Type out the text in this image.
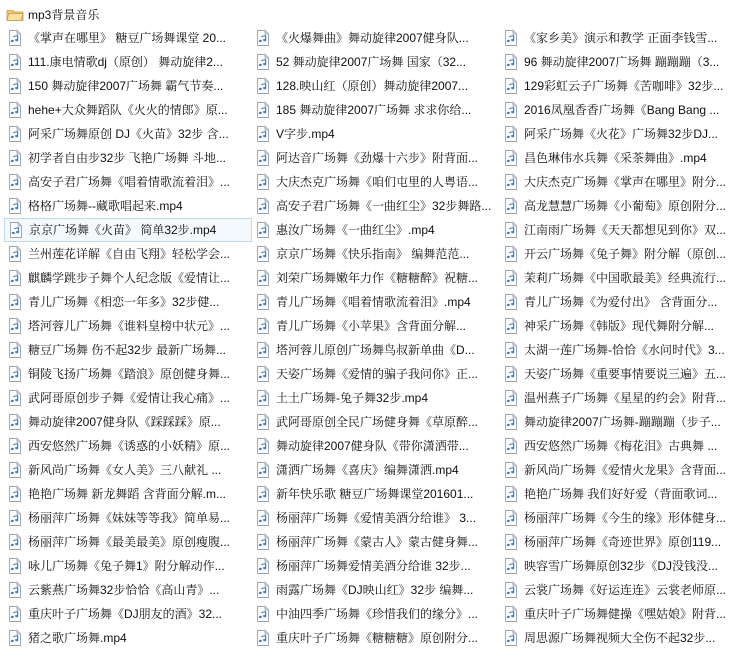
mp3背景音乐
《掌声在哪里》 糖豆广场舞课堂 20...
111.康电情歌dj（原创） 舞动旋律2...
150 舞动旋律2007广场舞 霸气节奏...
hehe+大众舞蹈队《火火的情郎》原...
阿采广场舞原创 DJ《火苗》32步 含...
初学者自由步32步 飞艳广场舞 斗地...
高安子君广场舞《唱着情歌流着泪》...
格格广场舞--藏歌唱起来.mp4
京京广场舞《火苗》 简单32步.mp4
兰州莲花详解《自由飞翔》轻松学会...
麒麟学跳步子舞个人纪念版《爱情让...
青儿广场舞《相恋一年多》32步健...
塔河蓉儿广场舞《谁料皇榜中状元》...
糖豆广场舞 伤不起32步 最新广场舞...
铜陵飞扬广场舞《踏浪》原创健身舞...
武阿哥原创步子舞《爱情让我心痛》...
舞动旋律2007健身队《踩踩踩》原...
西安悠然广场舞《诱惑的小妖精》原...
新风尚广场舞《女人美》三八献礼 ...
艳艳广场舞 新龙舞蹈 含背面分解.m...
杨丽萍广场舞《妹妹等等我》简单易...
杨丽萍广场舞《最美最美》原创瘦腹...
咏儿广场舞《兔子舞1》附分解动作...
云紫燕广场舞32步恰恰《高山青》...
重庆叶子广场舞《DJ朋友的酒》32...
猪之歌广场舞.mp4
《火爆舞曲》舞动旋律2007健身队...
52 舞动旋律2007广场舞 国家（32...
128.映山红（原创）舞动旋律2007...
185 舞动旋律2007广场舞 求求你给...
V字步.mp4
阿达音广场舞《劲爆十六步》附背面...
大庆杰克广场舞《咱们屯里的人粤语...
高安子君广场舞《一曲红尘》32步舞路...
惠汝广场舞《一曲红尘》.mp4
京京广场舞《快乐指南》 编舞范范...
刘荣广场舞嫩年力作《糖糖醉》祝糖...
青儿广场舞《唱着情歌流着泪》.mp4
青儿广场舞《小苹果》含背面分解...
塔河蓉儿原创广场舞鸟叔新单曲《D...
天姿广场舞《爱情的骗子我问你》正...
土土广场舞-兔子舞32步.mp4
武阿哥原创全民广场健身舞《草原醉...
舞动旋律2007健身队《带你潇洒带...
潇洒广场舞《喜庆》编舞潇洒.mp4
新年快乐歌 糖豆广场舞课堂201601...
杨丽萍广场舞《爱情美酒分给谁》 3...
杨丽萍广场舞《蒙古人》蒙古健身舞...
杨丽萍广场舞爱情美酒分给谁 32步...
雨露广场舞《DJ映山红》32步 编舞...
中油四季广场舞《珍惜我们的缘分》...
重庆叶子广场舞《糖糖糖》原创附分...
《家乡美》演示和教学 正面李钱雪...
96 舞动旋律2007广场舞 蹦蹦蹦（3...
129彩虹云子广场舞《苦咖啡》32步...
2016凤凰香香广场舞《Bang Bang ...
阿采广场舞《火花》广场舞32步DJ...
昌色琳伟水兵舞《采茶舞曲》.mp4
大庆杰克广场舞《掌声在哪里》附分...
高龙慧慧广场舞《小葡萄》原创附分...
江南雨广场舞《天天都想见到你》双...
开云广场舞《兔子舞》附分解（原创...
茉莉广场舞《中国歌最美》经典流行...
青儿广场舞《为爱付出》 含背面分...
神采广场舞《韩版》现代舞附分解...
太湖一莲广场舞-恰恰《水问时代》3...
天姿广场舞《重要事情要说三遍》五...
温州燕子广场舞《星星的约会》附背...
舞动旋律2007广场舞-蹦蹦蹦（步子...
西安悠然广场舞《梅花泪》古典舞 ...
新风尚广场舞《爱情火龙果》含背面...
艳艳广场舞 我们好好爱（背面歌词...
杨丽萍广场舞《今生的缘》形体健身...
杨丽萍广场舞《奇迹世界》原创119...
映容雪广场舞原创32步《DJ没钱没...
云裳广场舞《好运连连》云裳老师原...
重庆叶子广场舞健操《嘿姑娘》附背...
周思源广场舞视频大全伤不起32步...
